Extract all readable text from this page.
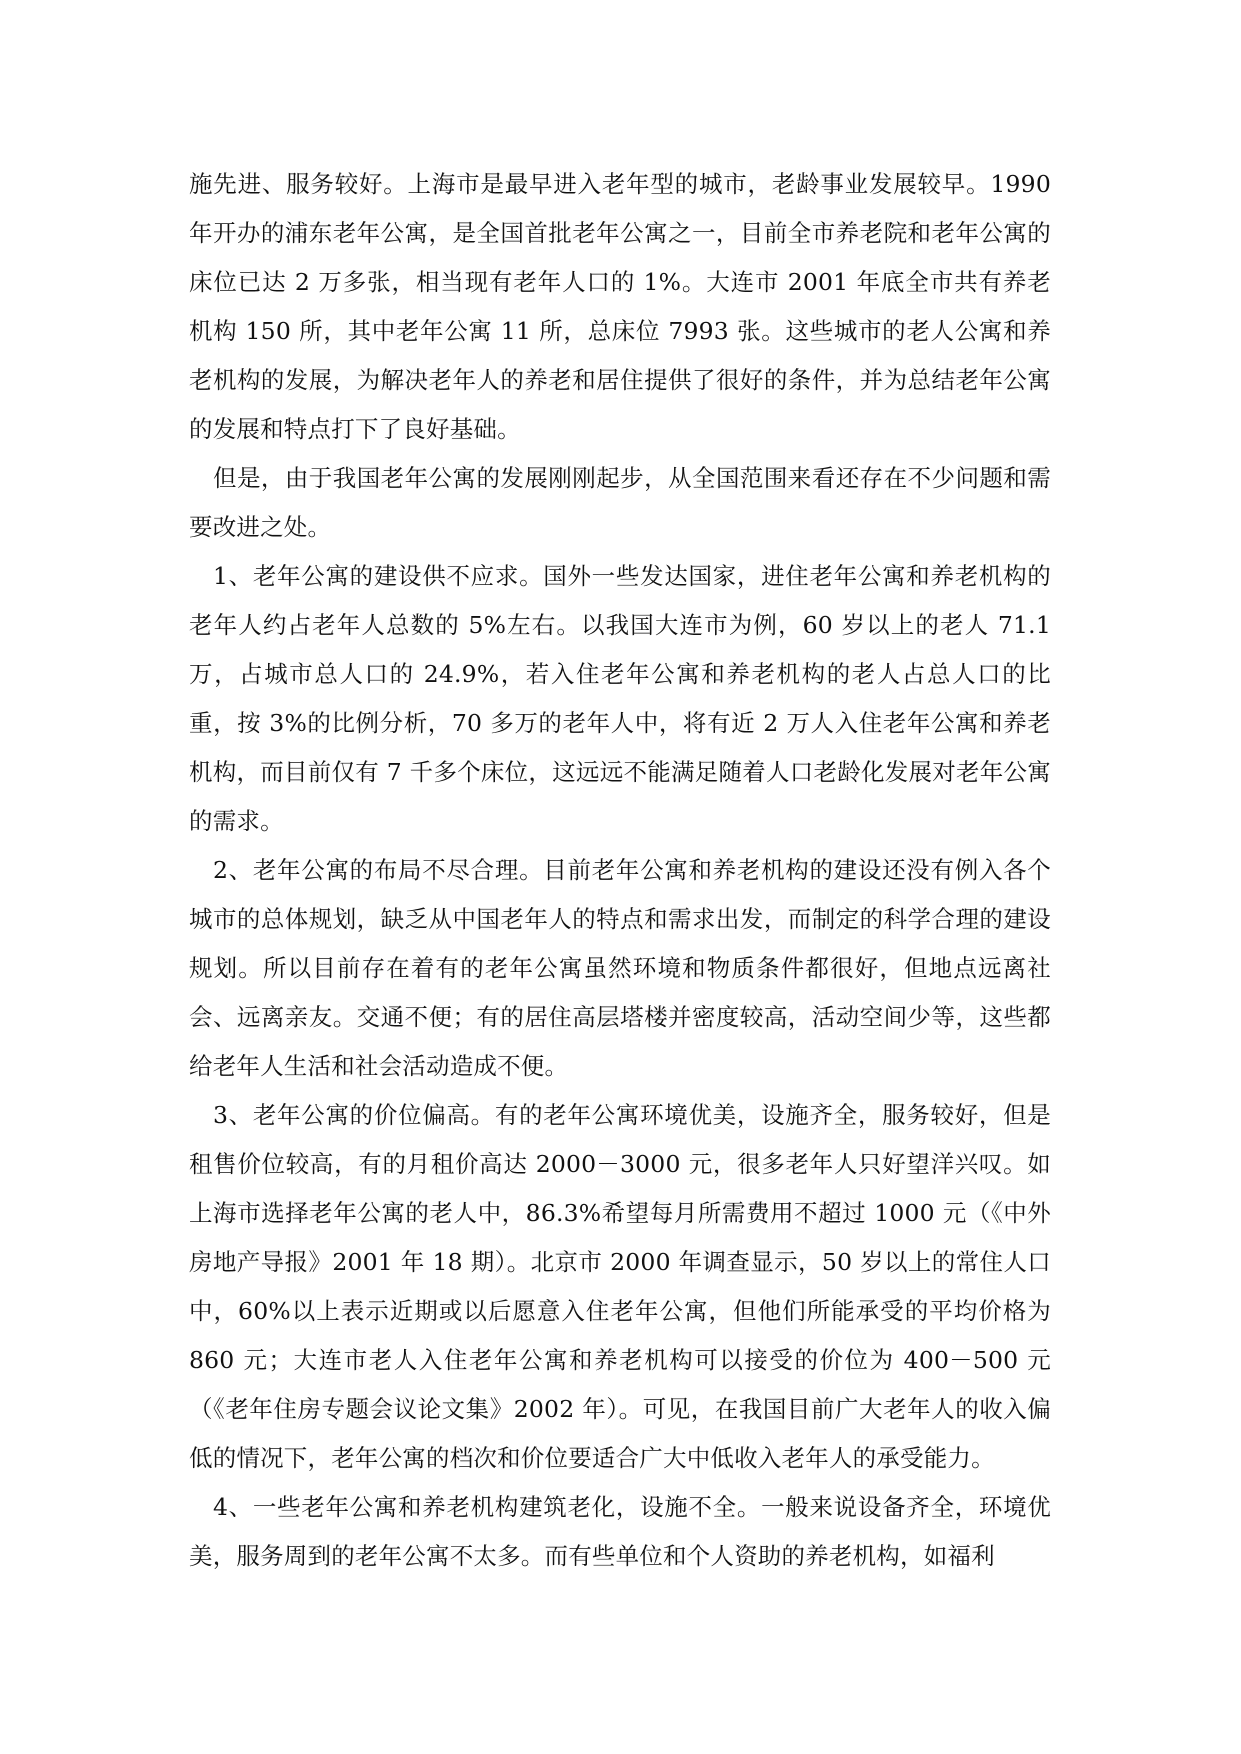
施先进、服务较好。上海市是最早进入老年型的城市，老龄事业发展较早。1990年开办的浦东老年公寓，是全国首批老年公寓之一，目前全市养老院和老年公寓的床位已达 2 万多张，相当现有老年人口的 1%。大连市 2001 年底全市共有养老机构 150 所，其中老年公寓 11 所，总床位 7993 张。这些城市的老人公寓和养老机构的发展，为解决老年人的养老和居住提供了很好的条件，并为总结老年公寓的发展和特点打下了良好基础。

但是，由于我国老年公寓的发展刚刚起步，从全国范围来看还存在不少问题和需要改进之处。

1、老年公寓的建设供不应求。国外一些发达国家，进住老年公寓和养老机构的老年人约占老年人总数的 5%左右。以我国大连市为例，60 岁以上的老人 71.1万，占城市总人口的 24.9%，若入住老年公寓和养老机构的老人占总人口的比重，按 3%的比例分析，70 多万的老年人中，将有近 2 万人入住老年公寓和养老机构，而目前仅有 7 千多个床位，这远远不能满足随着人口老龄化发展对老年公寓的需求。

2、老年公寓的布局不尽合理。目前老年公寓和养老机构的建设还没有例入各个城市的总体规划，缺乏从中国老年人的特点和需求出发，而制定的科学合理的建设规划。所以目前存在着有的老年公寓虽然环境和物质条件都很好，但地点远离社会、远离亲友。交通不便；有的居住高层塔楼并密度较高，活动空间少等，这些都给老年人生活和社会活动造成不便。

3、老年公寓的价位偏高。有的老年公寓环境优美，设施齐全，服务较好，但是租售价位较高，有的月租价高达 2000－3000 元，很多老年人只好望洋兴叹。如上海市选择老年公寓的老人中，86.3%希望每月所需费用不超过 1000 元（《中外房地产导报》2001 年 18 期）。北京市 2000 年调查显示，50 岁以上的常住人口中，60%以上表示近期或以后愿意入住老年公寓，但他们所能承受的平均价格为 860 元；大连市老人入住老年公寓和养老机构可以接受的价位为 400－500 元（《老年住房专题会议论文集》2002 年）。可见，在我国目前广大老年人的收入偏低的情况下，老年公寓的档次和价位要适合广大中低收入老年人的承受能力。

4、一些老年公寓和养老机构建筑老化，设施不全。一般来说设备齐全，环境优美，服务周到的老年公寓不太多。而有些单位和个人资助的养老机构，如福利
